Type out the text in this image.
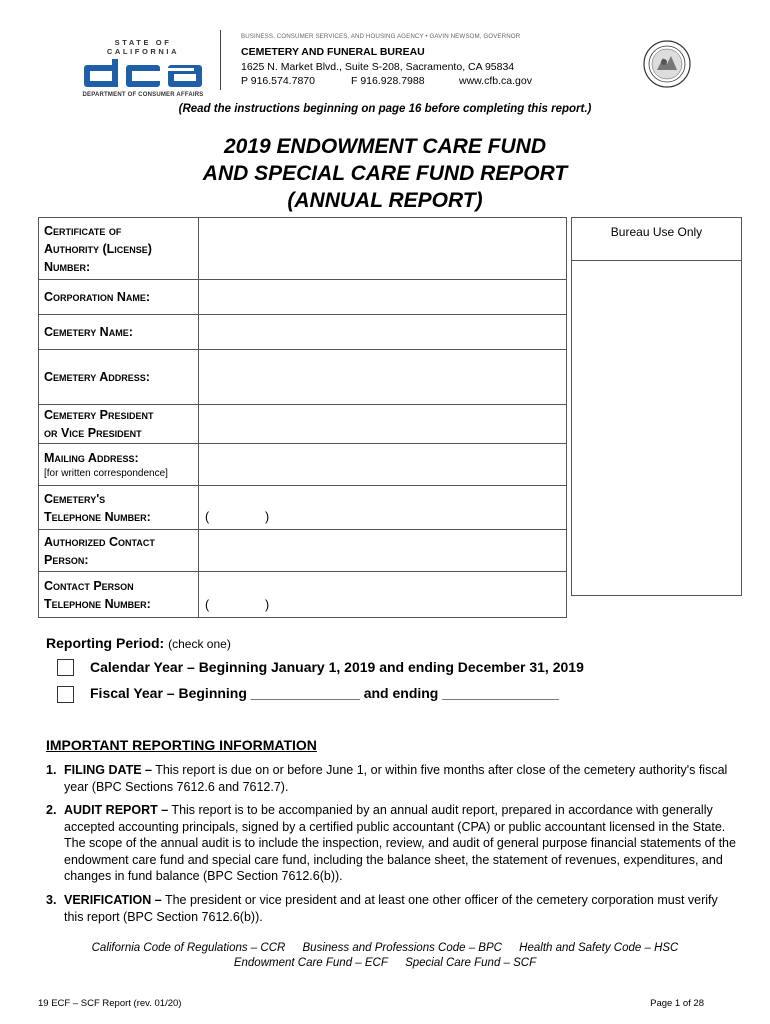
STATE OF CALIFORNIA
DEPARTMENT OF CONSUMER AFFAIRS
BUSINESS, CONSUMER SERVICES, AND HOUSING AGENCY • GAVIN NEWSOM, GOVERNOR
CEMETERY AND FUNERAL BUREAU
1625 N. Market Blvd., Suite S-208, Sacramento, CA 95834
P 916.574.7870	F 916.928.7988	www.cfb.ca.gov
(Read the instructions beginning on page 16 before completing this report.)
2019 ENDOWMENT CARE FUND
AND SPECIAL CARE FUND REPORT
(ANNUAL REPORT)
Certificate of
Authority (License)
Number:	

Corporation Name:	
Cemetery Name:	
Cemetery Address:	

Cemetery President
or Vice President	

Mailing Address:
[for written correspondence]	

Cemetery's
Telephone Number:	( )

Authorized Contact
Person:	

Contact Person
Telephone Number:	( )
Bureau Use Only
Reporting Period: (check one)
Calendar Year – Beginning January 1, 2019 and ending December 31, 2019
Fiscal Year – Beginning ______________ and ending _______________
IMPORTANT REPORTING INFORMATION
1. FILING DATE – This report is due on or before June 1, or within five months after close of the cemetery authority's fiscal year (BPC Sections 7612.6 and 7612.7).
2. AUDIT REPORT – This report is to be accompanied by an annual audit report, prepared in accordance with generally accepted accounting principals, signed by a certified public accountant (CPA) or public accountant licensed in the State. The scope of the annual audit is to include the inspection, review, and audit of general purpose financial statements of the endowment care fund and special care fund, including the balance sheet, the statement of revenues, expenditures, and changes in fund balance (BPC Section 7612.6(b)).
3. VERIFICATION – The president or vice president and at least one other officer of the cemetery corporation must verify this report (BPC Section 7612.6(b)).
California Code of Regulations – CCR Business and Professions Code – BPC Health and Safety Code – HSC
Endowment Care Fund – ECF Special Care Fund – SCF
19 ECF – SCF Report (rev. 01/20)	Page 1 of 28
